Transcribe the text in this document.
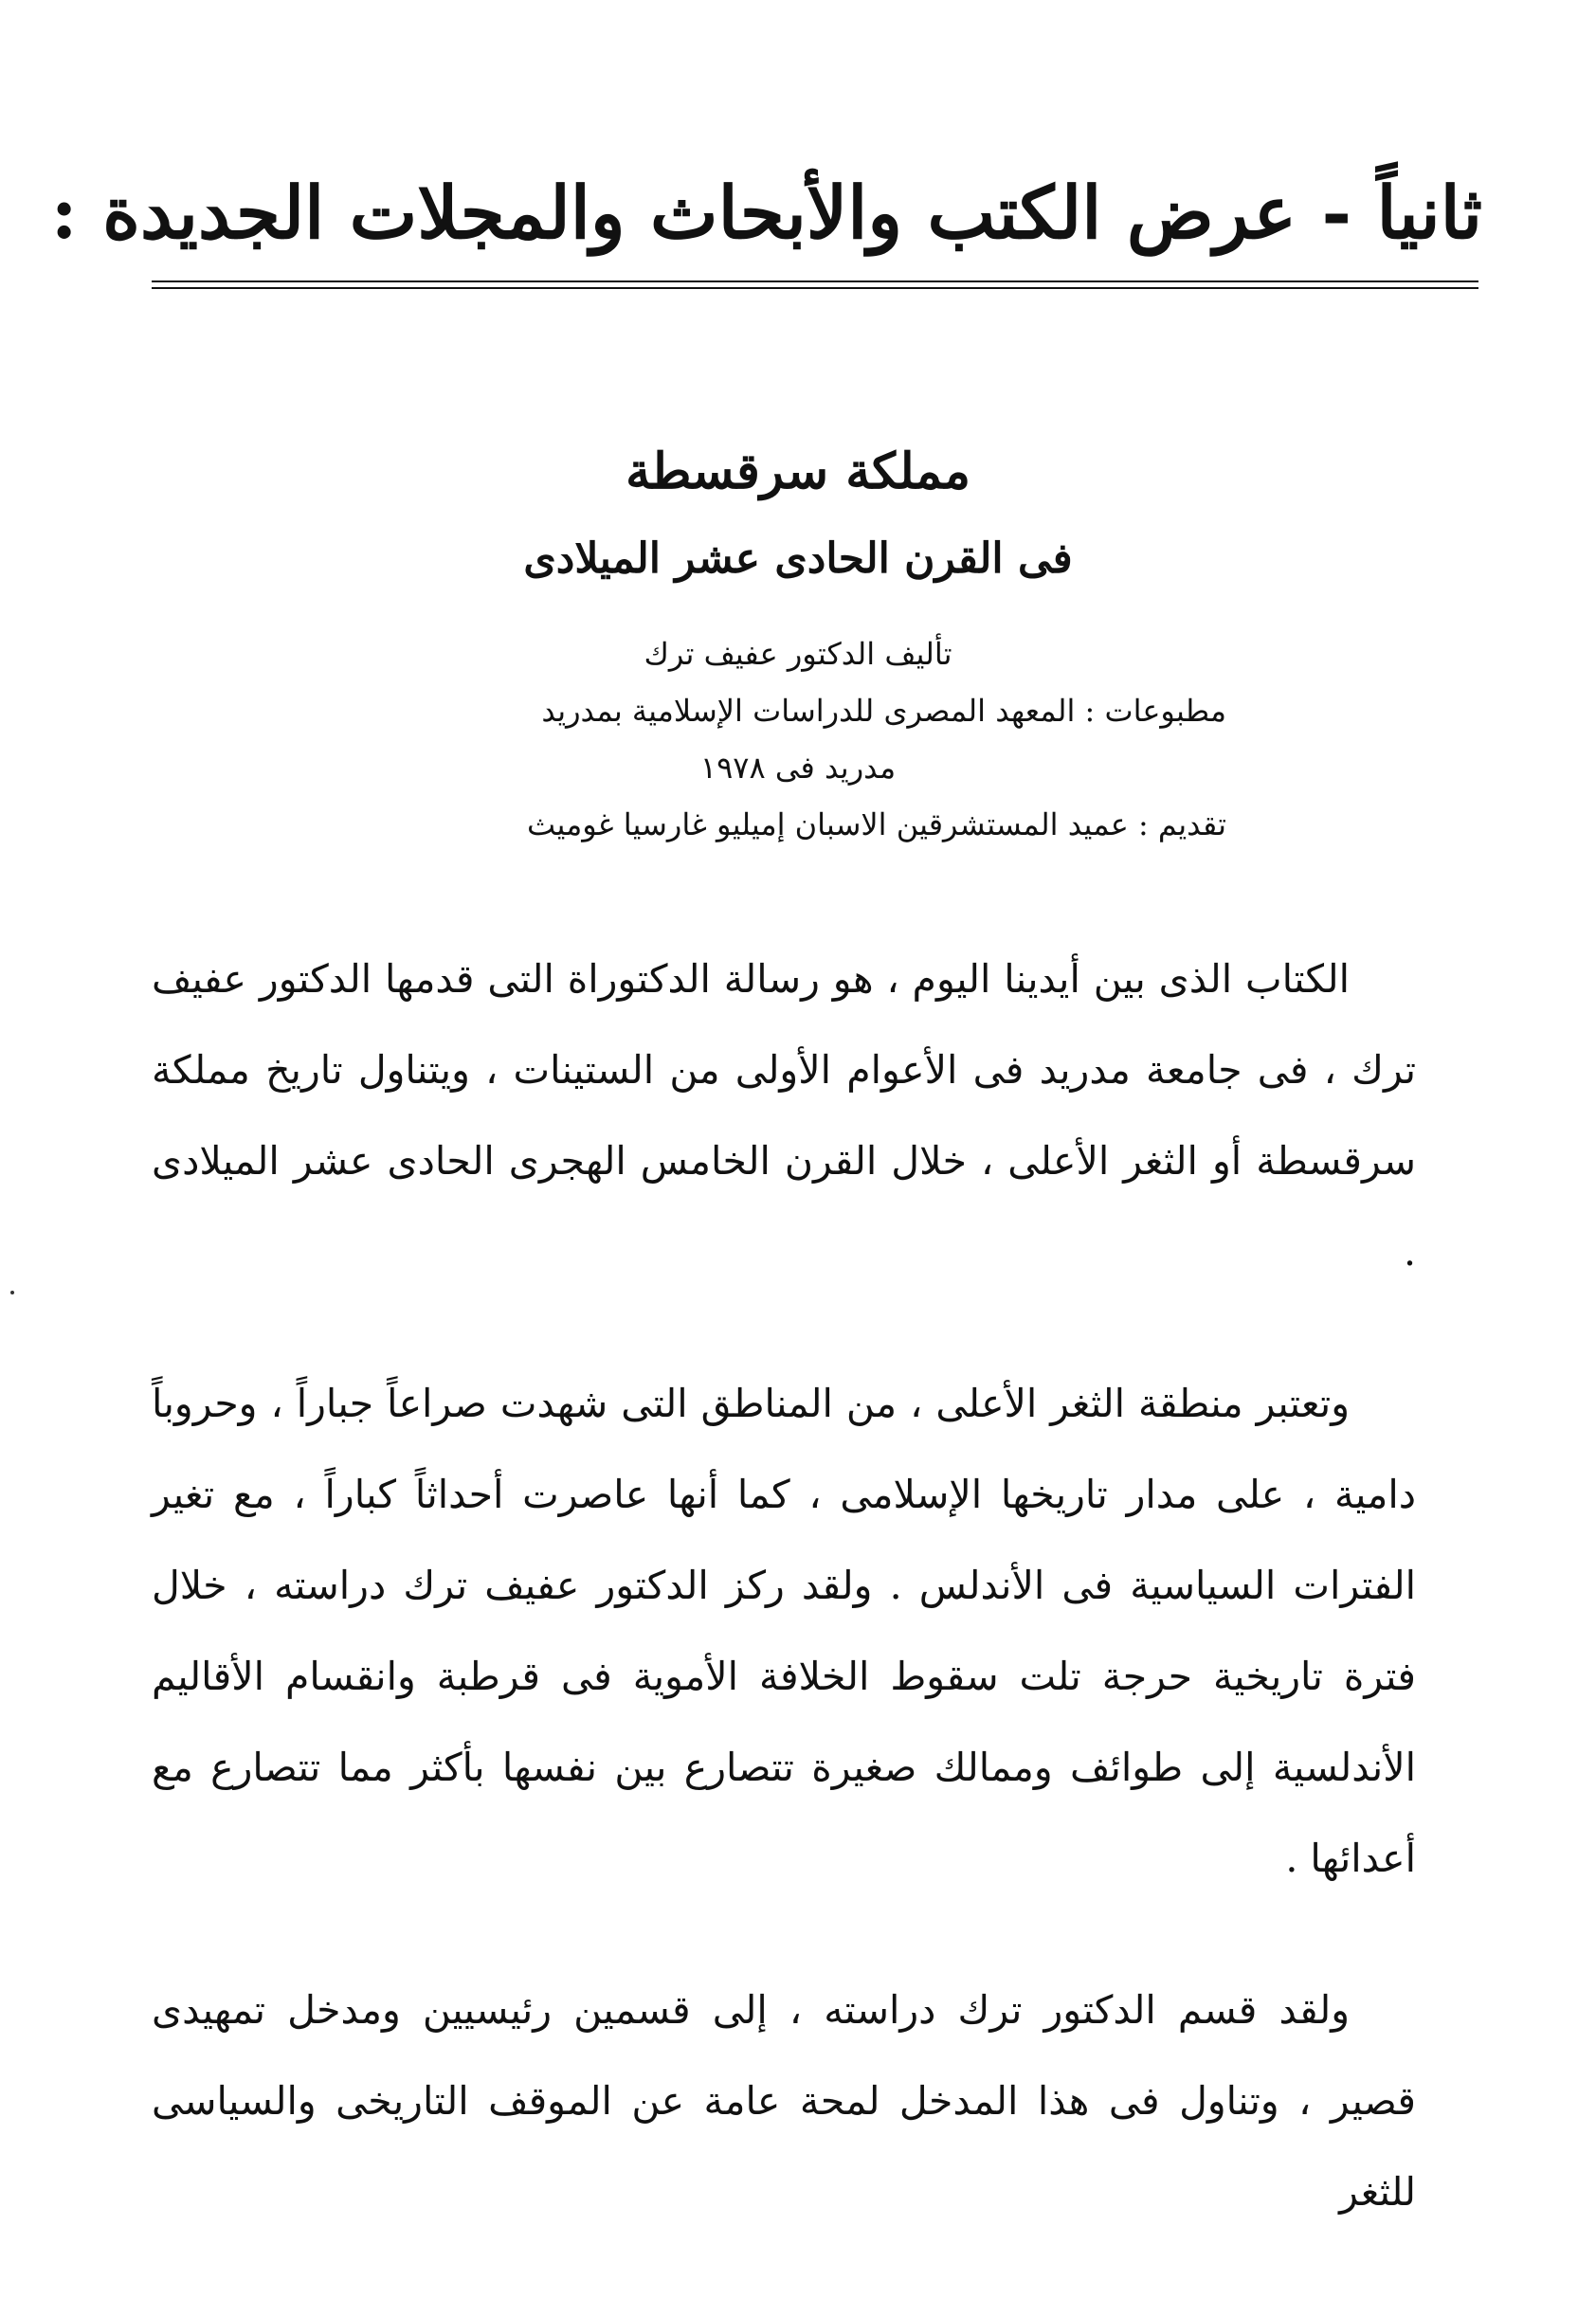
ثانياً - عرض الكتب والأبحاث والمجلات الجديدة :
مملكة سرقسطة
فى القرن الحادى عشر الميلادى
تأليف الدكتور عفيف ترك
مطبوعات : المعهد المصرى للدراسات الإسلامية بمدريد
مدريد فى ١٩٧٨
تقديم : عميد المستشرقين الاسبان إميليو غارسيا غوميث

الكتاب الذى بين أيدينا اليوم ، هو رسالة الدكتوراة التى قدمها الدكتور عفيف ترك ، فى جامعة مدريد فى الأعوام الأولى من الستينات ، ويتناول تاريخ مملكة سرقسطة أو الثغر الأعلى ، خلال القرن الخامس الهجرى الحادى عشر الميلادى .

وتعتبر منطقة الثغر الأعلى ، من المناطق التى شهدت صراعاً جباراً ، وحروباً دامية ، على مدار تاريخها الإسلامى ، كما أنها عاصرت أحداثاً كباراً ، مع تغير الفترات السياسية فى الأندلس . ولقد ركز الدكتور عفيف ترك دراسته ، خلال فترة تاريخية حرجة تلت سقوط الخلافة الأموية فى قرطبة وانقسام الأقاليم الأندلسية إلى طوائف وممالك صغيرة تتصارع بين نفسها بأكثر مما تتصارع مع أعدائها .

ولقد قسم الدكتور ترك دراسته ، إلى قسمين رئيسيين ومدخل تمهيدى قصير ، وتناول فى هذا المدخل لمحة عامة عن الموقف التاريخى والسياسى للثغر
